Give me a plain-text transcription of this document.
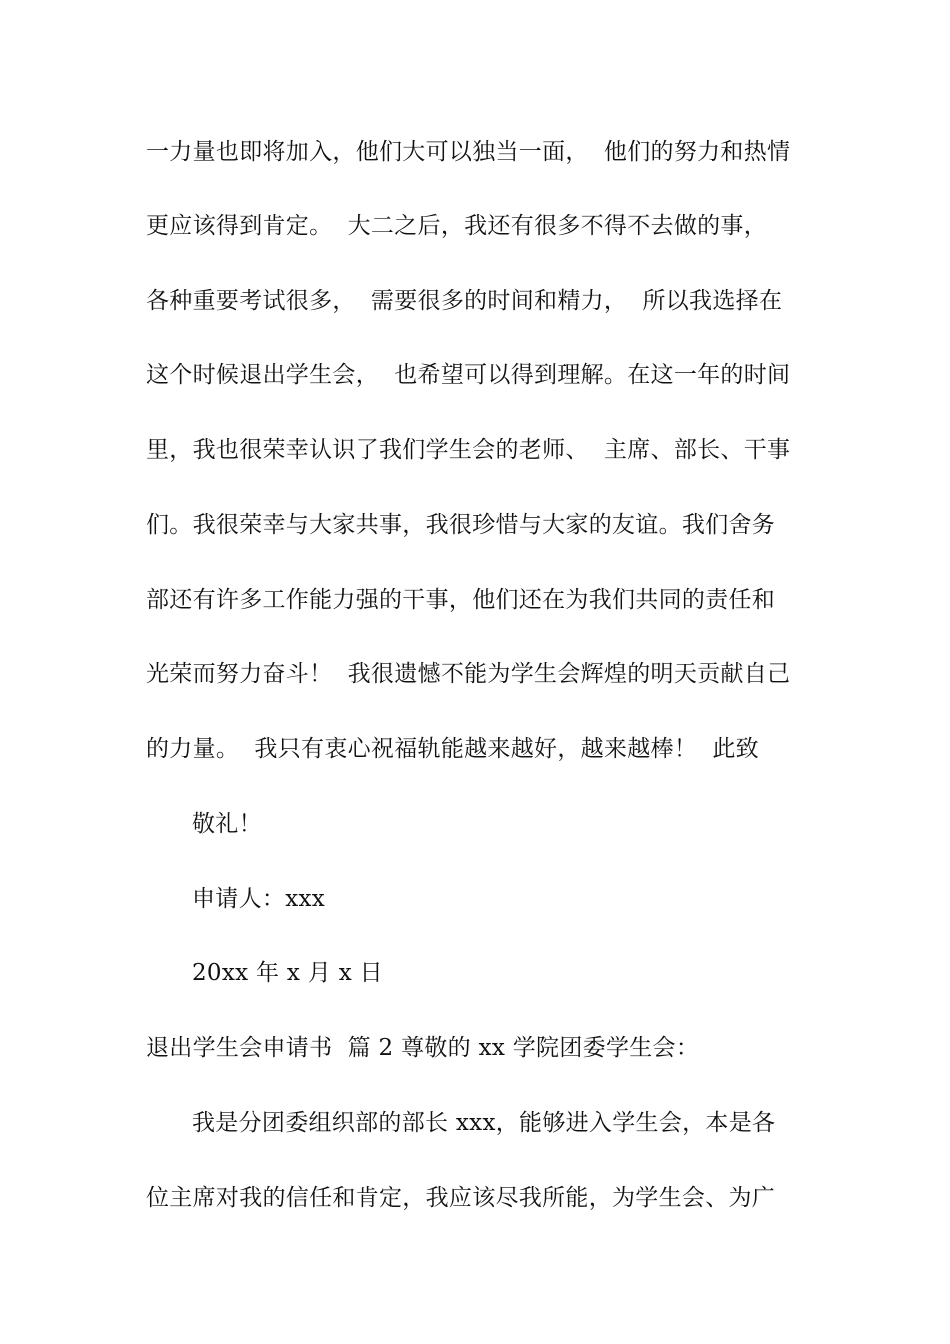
一力量也即将加入，他们大可以独当一面，  他们的努力和热情
更应该得到肯定。  大二之后，我还有很多不得不去做的事，
各种重要考试很多，  需要很多的时间和精力，  所以我选择在
这个时候退出学生会，  也希望可以得到理解。在这一年的时间
里，我也很荣幸认识了我们学生会的老师、  主席、部长、干事
们。我很荣幸与大家共事，我很珍惜与大家的友谊。我们舍务
部还有许多工作能力强的干事，他们还在为我们共同的责任和
光荣而努力奋斗！  我很遗憾不能为学生会辉煌的明天贡献自己
的力量。  我只有衷心祝福轨能越来越好，越来越棒！  此致
敬礼！
申请人：xxx
20xx 年 x 月 x 日
退出学生会申请书  篇 2 尊敬的 xx 学院团委学生会：
我是分团委组织部的部长 xxx，能够进入学生会，本是各
位主席对我的信任和肯定，我应该尽我所能，为学生会、为广
